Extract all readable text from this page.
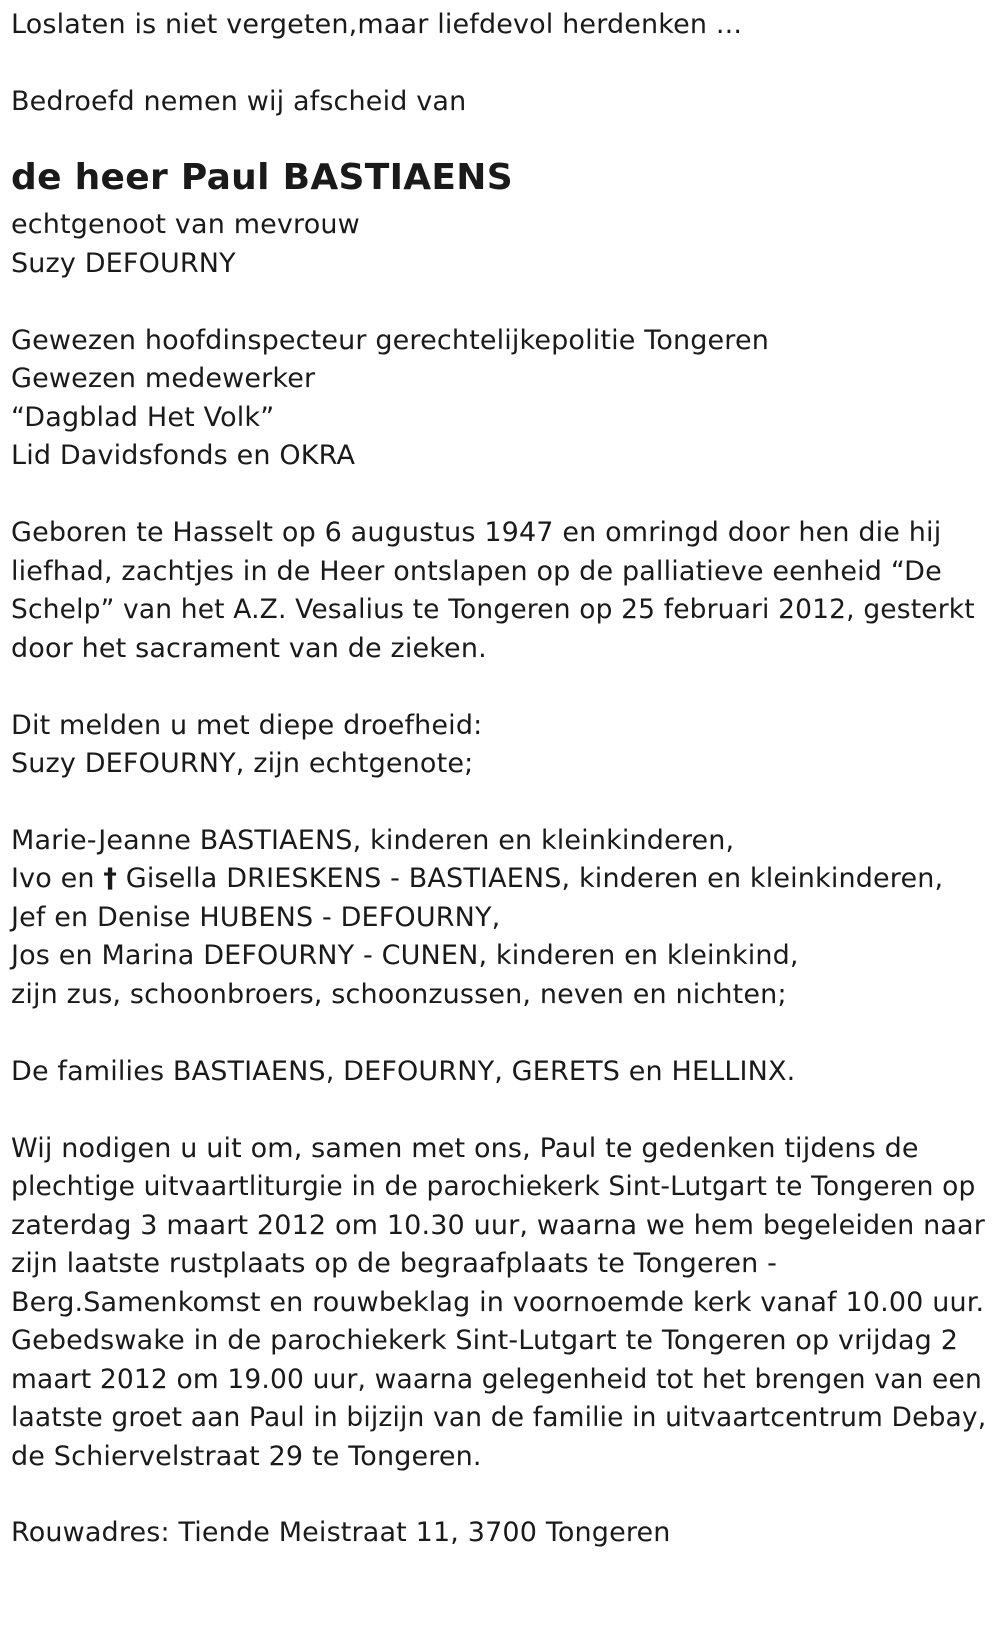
Loslaten is niet vergeten,maar liefdevol herdenken ...
Bedroefd nemen wij afscheid van
de heer Paul BASTIAENS
echtgenoot van mevrouw
Suzy DEFOURNY
Gewezen hoofdinspecteur gerechtelijkepolitie Tongeren
Gewezen medewerker
“Dagblad Het Volk”
Lid Davidsfonds en OKRA
Geboren te Hasselt op 6 augustus 1947 en omringd door hen die hij
liefhad, zachtjes in de Heer ontslapen op de palliatieve eenheid “De
Schelp” van het A.Z. Vesalius te Tongeren op 25 februari 2012, gesterkt
door het sacrament van de zieken.
Dit melden u met diepe droefheid:
Suzy DEFOURNY, zijn echtgenote;
Marie-Jeanne BASTIAENS, kinderen en kleinkinderen,
Ivo en † Gisella DRIESKENS - BASTIAENS, kinderen en kleinkinderen,
Jef en Denise HUBENS - DEFOURNY,
Jos en Marina DEFOURNY - CUNEN, kinderen en kleinkind,
zijn zus, schoonbroers, schoonzussen, neven en nichten;
De families BASTIAENS, DEFOURNY, GERETS en HELLINX.
Wij nodigen u uit om, samen met ons, Paul te gedenken tijdens de
plechtige uitvaartliturgie in de parochiekerk Sint-Lutgart te Tongeren op
zaterdag 3 maart 2012 om 10.30 uur, waarna we hem begeleiden naar
zijn laatste rustplaats op de begraafplaats te Tongeren -
Berg.Samenkomst en rouwbeklag in voornoemde kerk vanaf 10.00 uur.
Gebedswake in de parochiekerk Sint-Lutgart te Tongeren op vrijdag 2
maart 2012 om 19.00 uur, waarna gelegenheid tot het brengen van een
laatste groet aan Paul in bijzijn van de familie in uitvaartcentrum Debay,
de Schiervelstraat 29 te Tongeren.
Rouwadres: Tiende Meistraat 11, 3700 Tongeren
